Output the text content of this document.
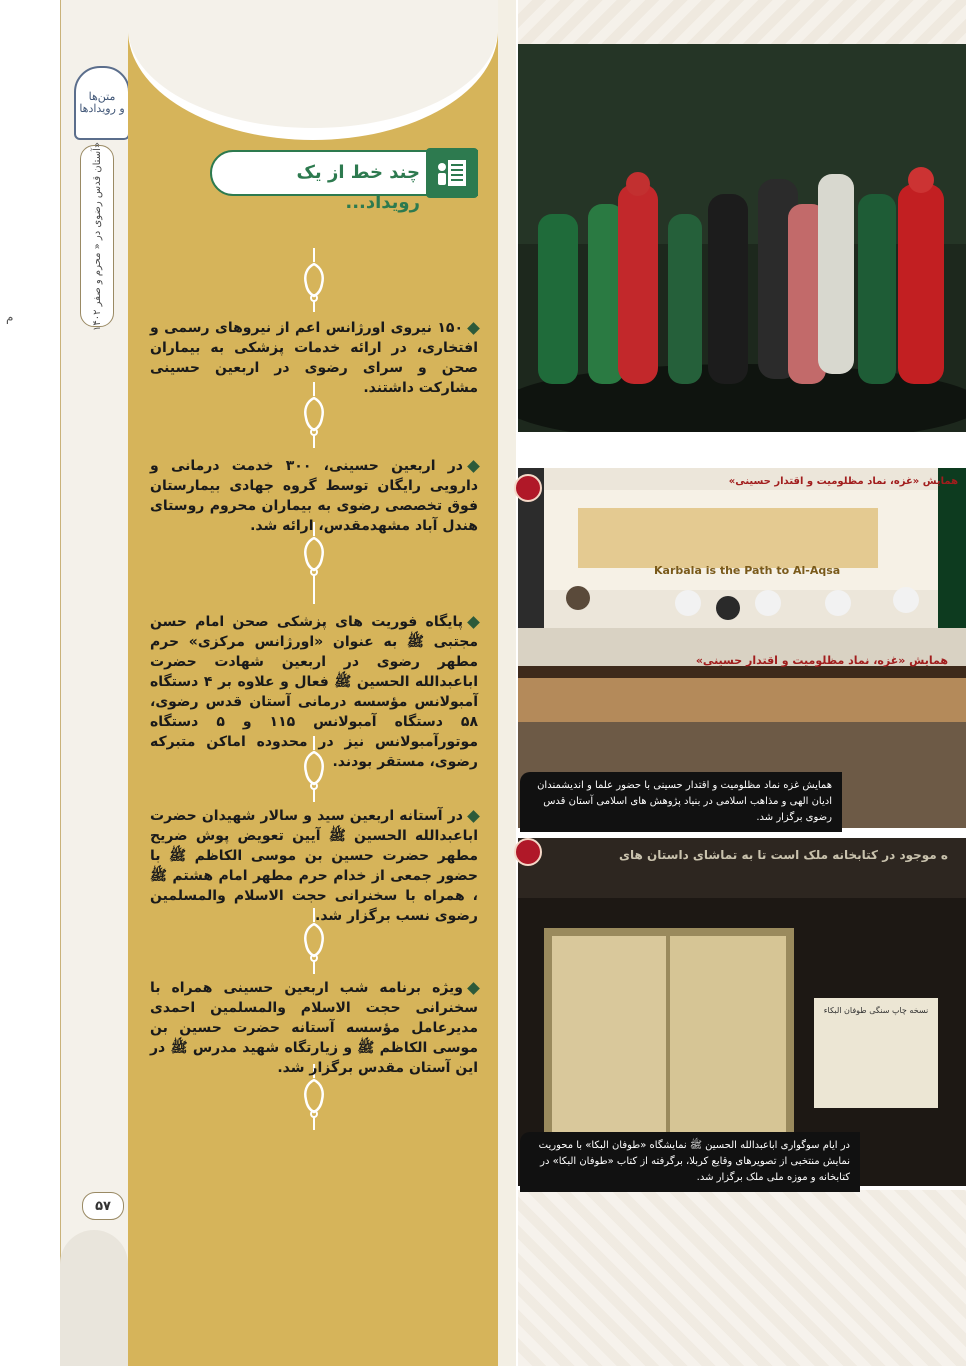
متن‌ها
و رویدادها
آستان قدس رضوی در « محرم و صفر ۱۴۰۲»
۵۷
م
چند خط از یک رویداد...
۱۵۰ نیروی اورژانس اعم از نیروهای رسمی و افتخاری، در ارائه خدمات پزشکی به بیماران صحن و سرای رضوی در اربعین حسینی مشارکت داشتند.
در اربعین حسینی، ۳۰۰ خدمت درمانی و دارویی رایگان توسط گروه جهادی بیمارستان فوق تخصصی رضوی به بیماران محروم روستای هندل آباد مشهدمقدس، ارائه شد.
پایگاه فوریت های پزشکی صحن امام حسن مجتبی ﷺ به عنوان «اورژانس مرکزی» حرم مطهر رضوی در اربعین شهادت حضرت اباعبدالله الحسین ﷺ فعال و علاوه بر ۴ دستگاه آمبولانس مؤسسه درمانی آستان قدس رضوی، ۵۸ دستگاه آمبولانس ۱۱۵ و ۵ دستگاه موتورآمبولانس نیز در محدوده اماکن متبرکه رضوی، مستقر بودند.
در آستانه اربعین سید و سالار شهیدان حضرت اباعبدالله الحسین ﷺ آیین تعویض پوش ضریح مطهر حضرت حسین بن موسی الکاظم ﷺ با حضور جمعی از خدام حرم مطهر امام هشتم ﷺ ، همراه با سخنرانی حجت الاسلام والمسلمین رضوی نسب برگزار شد.
ویژه برنامه شب اربعین حسینی همراه با سخنرانی حجت الاسلام والمسلمین احمدی مدیرعامل مؤسسه آستانه حضرت حسین بن موسی الکاظم ﷺ و زیارتگاه شهید مدرس ﷺ در این آستان مقدس برگزار شد.
همایش «غزه، نماد مظلومیت و اقتدار حسینی»
Karbala is the Path to Al-Aqsa
همایش «غزه، نماد مظلومیت و اقتدار حسینی»
همایش غزه نماد مظلومیت و اقتدار حسینی با حضور علما و اندیشمندان ادیان الهی و مذاهب اسلامی در بنیاد پژوهش های اسلامی آستان قدس رضوی برگزار شد.
ه موجود در کتابخانه ملک است تا به تماشای داستان های
نسخه چاپ سنگی طوفان البکاء
در ایام سوگواری اباعبدالله الحسین ﷺ نمایشگاه «طوفان البکا» با محوریت نمایش منتخبی از تصویرهای وقایع کربلا، برگرفته از کتاب «طوفان البکا» در کتابخانه و موزه ملی ملک برگزار شد.
